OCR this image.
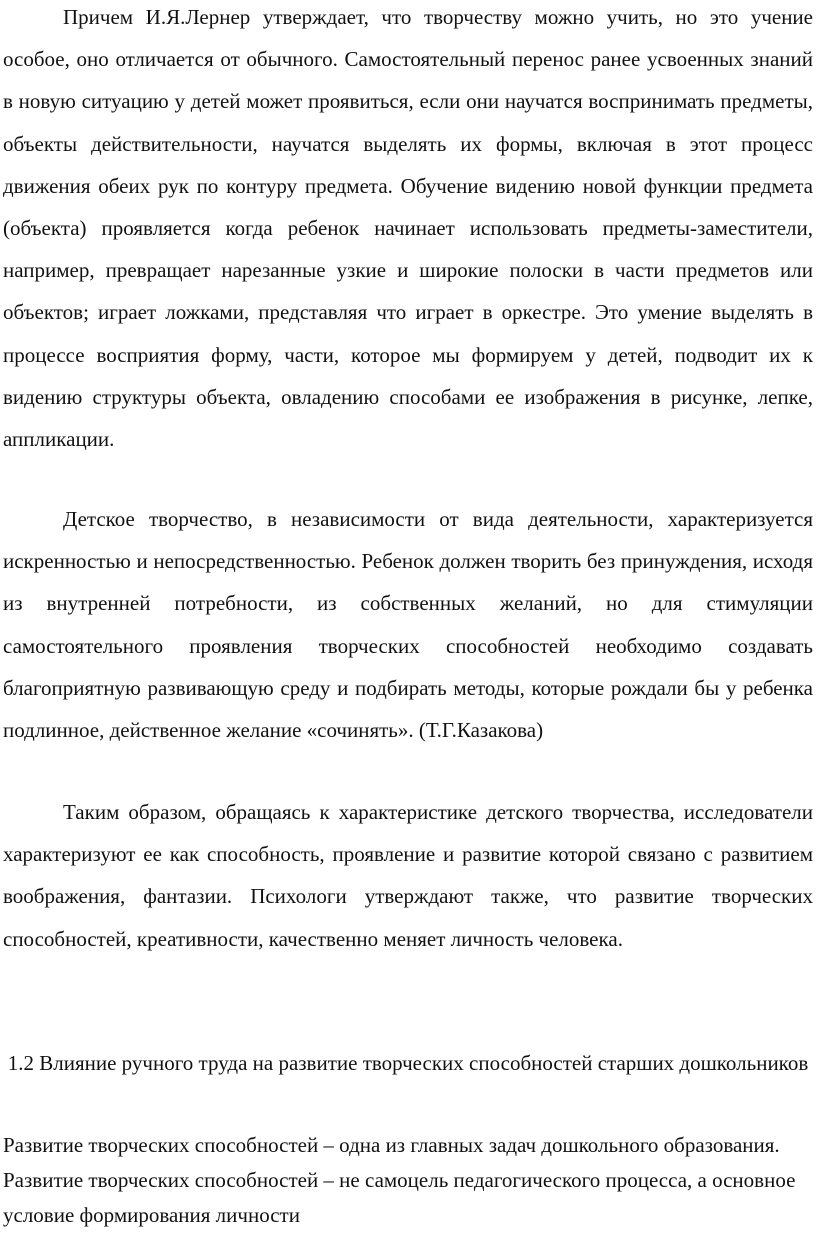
Причем И.Я.Лернер утверждает, что творчеству можно учить, но это учение особое, оно отличается от обычного. Самостоятельный перенос ранее усвоенных знаний в новую ситуацию у детей может проявиться, если они научатся воспринимать предметы, объекты действительности, научатся выделять их формы, включая в этот процесс движения обеих рук по контуру предмета. Обучение видению новой функции предмета (объекта) проявляется когда ребенок начинает использовать предметы-заместители, например, превращает нарезанные узкие и широкие полоски в части предметов или объектов; играет ложками, представляя что играет в оркестре. Это умение выделять в процессе восприятия форму, части, которое мы формируем у детей, подводит их к видению структуры объекта, овладению способами ее изображения в рисунке, лепке, аппликации.

Детское творчество, в независимости от вида деятельности, характеризуется искренностью и непосредственностью. Ребенок должен творить без принуждения, исходя из внутренней потребности, из собственных желаний, но для стимуляции самостоятельного проявления творческих способностей необходимо создавать благоприятную развивающую среду и подбирать методы, которые рождали бы у ребенка подлинное, действенное желание «сочинять». (Т.Г.Казакова)

Таким образом, обращаясь к характеристике детского творчества, исследователи характеризуют ее как способность, проявление и развитие которой связано с развитием воображения, фантазии. Психологи утверждают также, что развитие творческих способностей, креативности, качественно меняет личность человека.

1.2 Влияние ручного труда на развитие творческих способностей старших дошкольников

Развитие творческих способностей – одна из главных задач дошкольного образования. Развитие творческих способностей – не самоцель педагогического процесса, а основное условие формирования личности
